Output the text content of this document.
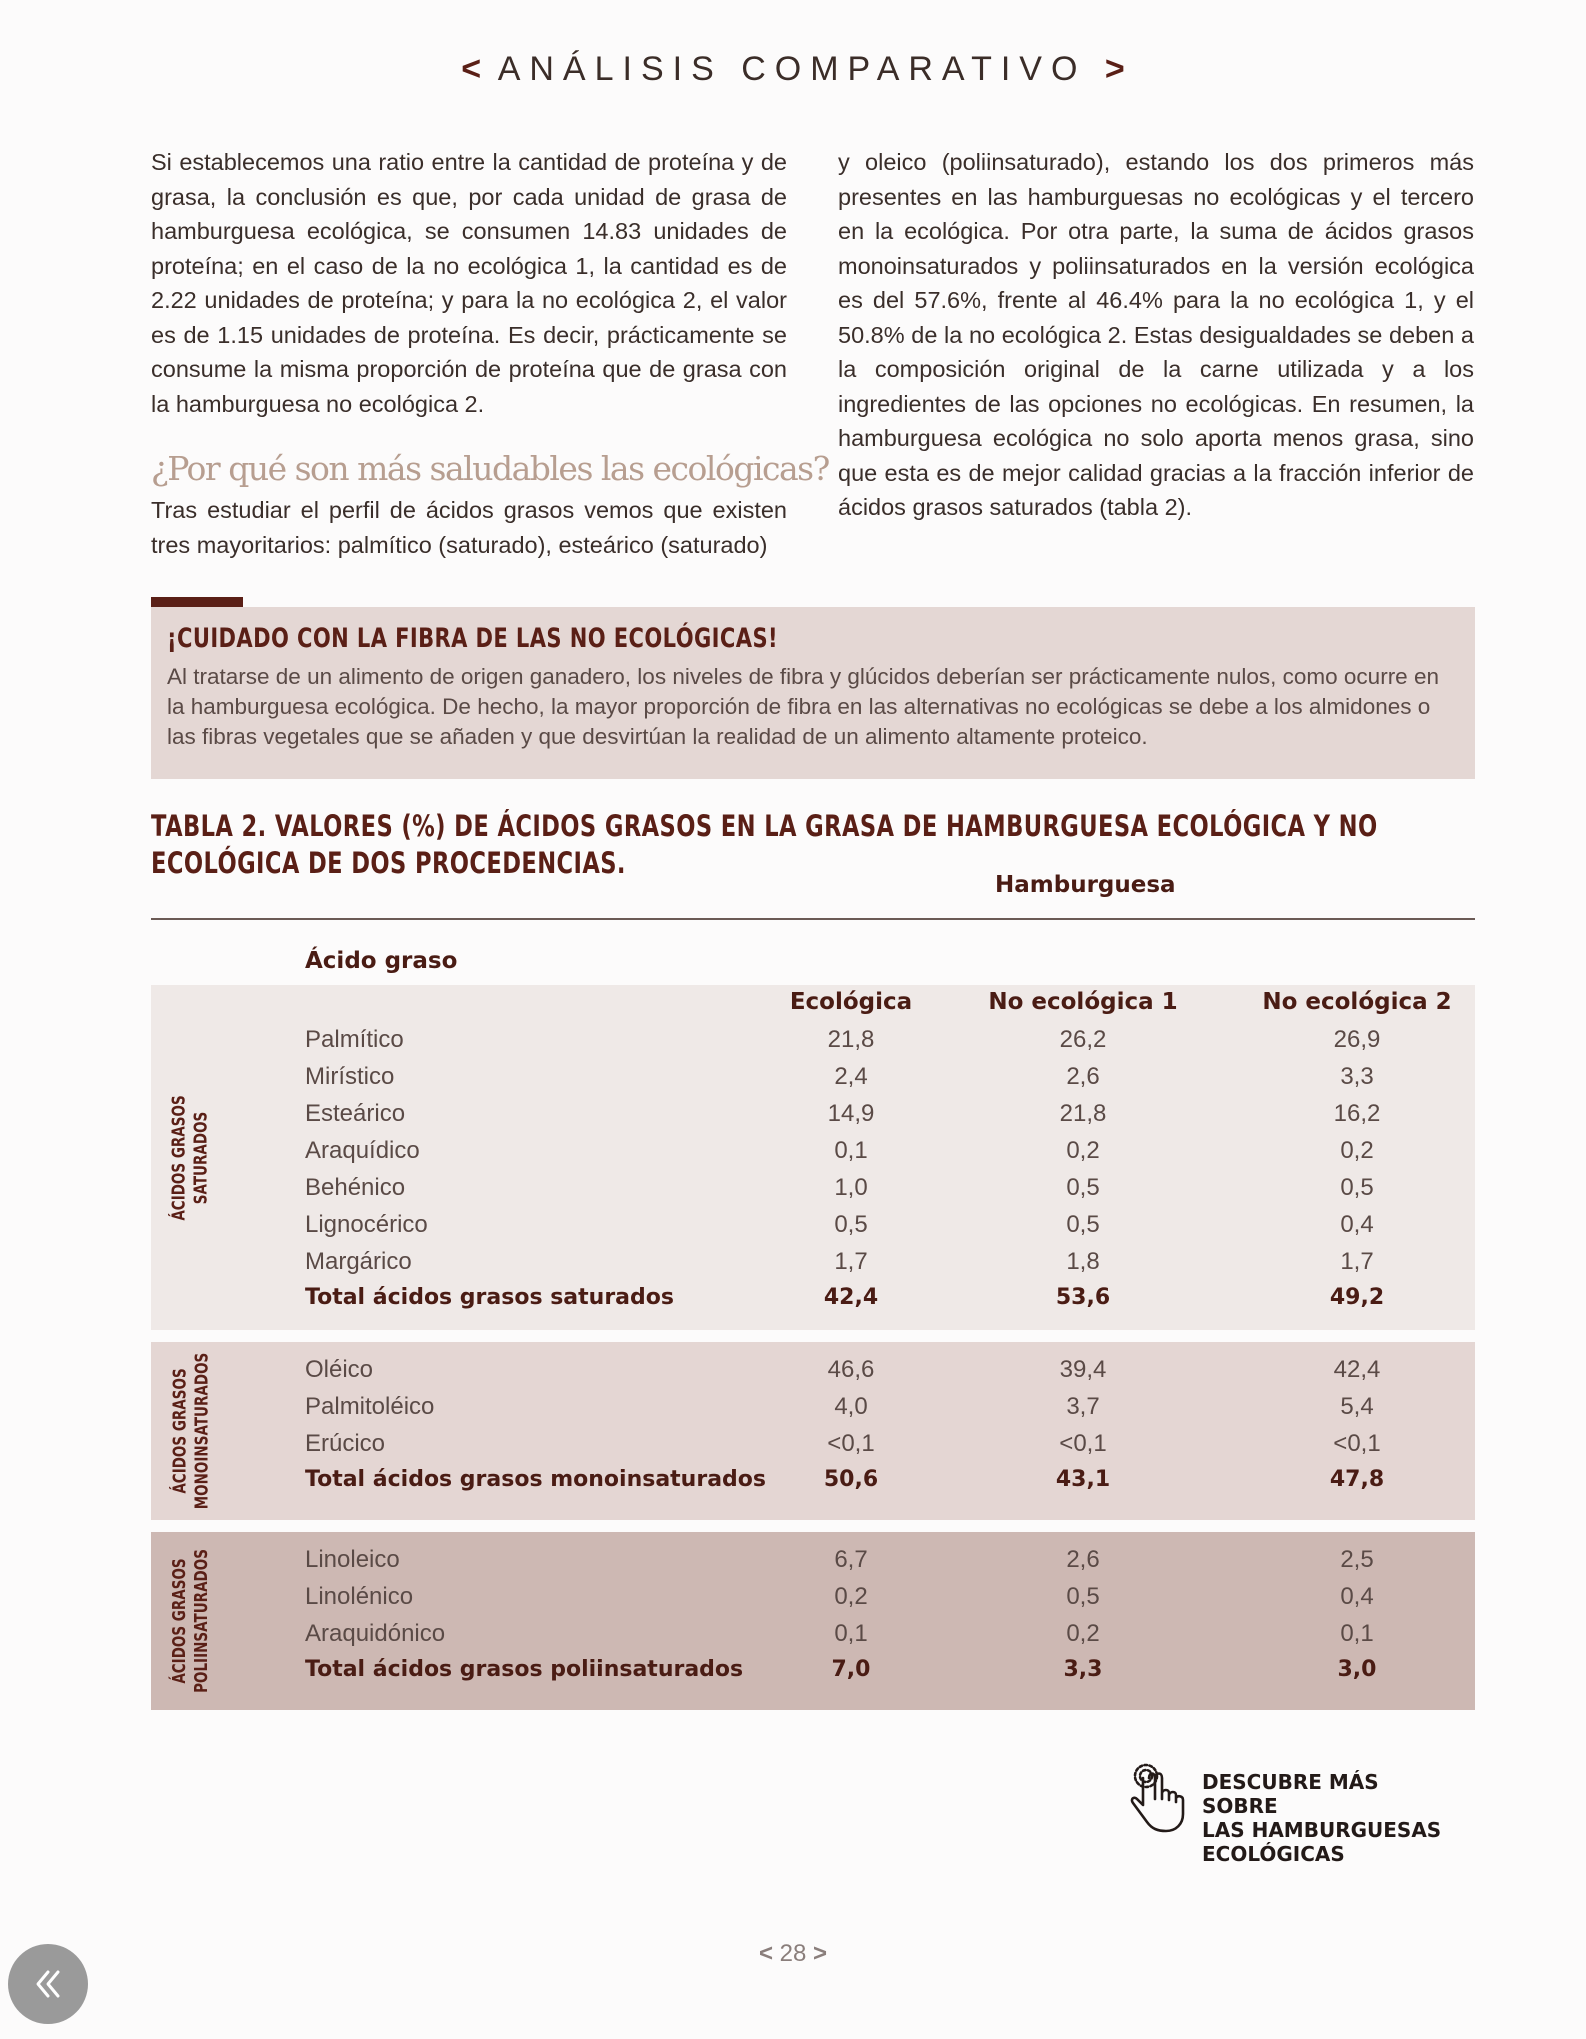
< ANÁLISIS COMPARATIVO >

Si establecemos una ratio entre la cantidad de proteína y de grasa, la conclusión es que, por cada unidad de grasa de hamburguesa ecológica, se consumen 14.83 unidades de proteína; en el caso de la no ecológica 1, la cantidad es de 2.22 unidades de proteína; y para la no ecológica 2, el valor es de 1.15 unidades de proteína. Es decir, prácticamente se consume la misma proporción de proteína que de grasa con la hamburguesa no ecológica 2.

¿Por qué son más saludables las ecológicas?

Tras estudiar el perfil de ácidos grasos vemos que existen tres mayoritarios: palmítico (saturado), esteárico (saturado)

y oleico (poliinsaturado), estando los dos primeros más presentes en las hamburguesas no ecológicas y el tercero en la ecológica. Por otra parte, la suma de ácidos grasos monoinsaturados y poliinsaturados en la versión ecológica es del 57.6%, frente al 46.4% para la no ecológica 1, y el 50.8% de la no ecológica 2. Estas desigualdades se deben a la composición original de la carne utilizada y a los ingredientes de las opciones no ecológicas. En resumen, la hamburguesa ecológica no solo aporta menos grasa, sino que esta es de mejor calidad gracias a la fracción inferior de ácidos grasos saturados (tabla 2).

¡CUIDADO CON LA FIBRA DE LAS NO ECOLÓGICAS!
Al tratarse de un alimento de origen ganadero, los niveles de fibra y glúcidos deberían ser prácticamente nulos, como ocurre en la hamburguesa ecológica. De hecho, la mayor proporción de fibra en las alternativas no ecológicas se debe a los almidones o las fibras vegetales que se añaden y que desvirtúan la realidad de un alimento altamente proteico.
TABLA 2. VALORES (%) DE ÁCIDOS GRASOS EN LA GRASA DE HAMBURGUESA ECOLÓGICA Y NO ECOLÓGICA DE DOS PROCEDENCIAS.
Hamburguesa
Ácido graso
ÁCIDOS GRASOS SATURADOS
Ecológica	No ecológica 1	No ecológica 2
Palmítico	21,8	26,2	26,9
Mirístico	2,4	2,6	3,3
Esteárico	14,9	21,8	16,2
Araquídico	0,1	0,2	0,2
Behénico	1,0	0,5	0,5
Lignocérico	0,5	0,5	0,4
Margárico	1,7	1,8	1,7
Total ácidos grasos saturados	42,4	53,6	49,2
ÁCIDOS GRASOS MONOINSATURADOS	Oléico	46,6	39,4	42,4
Palmitoléico	4,0	3,7	5,4
Erúcico	<0,1	<0,1	<0,1
Total ácidos grasos monoinsaturados	50,6	43,1	47,8
ÁCIDOS GRASOS POLIINSATURADOS	Linoleico	6,7	2,6	2,5
Linolénico	0,2	0,5	0,4
Araquidónico	0,1	0,2	0,1
Total ácidos grasos poliinsaturados	7,0	3,3	3,0
DESCUBRE MÁS SOBRE
LAS HAMBURGUESAS
ECOLÓGICAS
< 28 >
